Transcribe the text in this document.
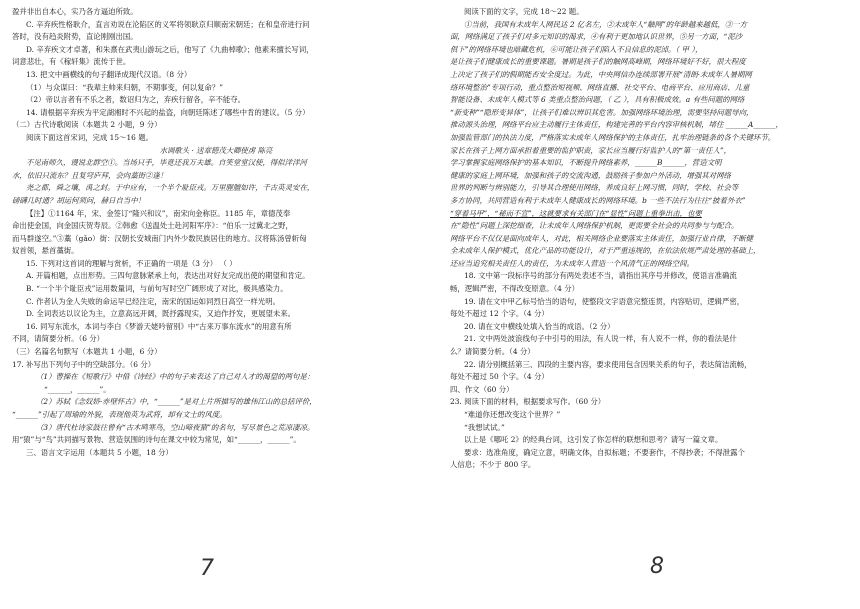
盈并非出自本心，实乃各方逼迫所致。
C. 辛弃疾性格耿介，直言劝说在沦陷区的义军将领耿京归顺南宋朝廷；在和皇帝进行问
答时，没有趋炎附势，直论刚刚出国。
D. 辛弃疾文才卓著，和朱熹在武夷山游玩之后，他写了《九曲棹歌》；他素来擅长写词，
词意悲壮，有《稼轩集》流传于世。
13. 把文中画横线的句子翻译成现代汉语。（8 分）
（1）与众谋曰：“我辈主帅来归朝，不期事变，何以复命？”
（2）帝以言者有不乐之者，数诏归为之，弃疾行留各，辛不能夺。
14. 请根据辛弃疾为平定湖湘时不兴起的盐盗，向朝廷陈述了哪些中肯的建议。（5 分）
（二）古代诗歌阅读（本题共 2 小题，9 分）
阅读下面这首宋词，完成 15～16 题。
水调歌头 · 送章德茂大卿使虏 陈亮
不见南师久，谩说北群空①。当场只手，毕竟还我万夫雄。自笑堂堂汉使，得似洋洋河
水，依旧只流东？且复穹庐拜，会向藁街②逢！
尧之都，舜之壤，禹之封。于中应有，一个半个耻臣戎。万里腥膻如许，千古英灵安在，
磅礴几时通？胡运何须问，赫日自当中！
【注】①1164 年，宋、金签订“隆兴和议”，南宋向金称臣。1185 年，章德茂奉
命出使金国，向金国庆贺寿辰。②韩愈《送温处士赴河阳军序》：“伯乐一过冀北之野，
而马群遂空。”③藁（gǎo）街：汉朝长安城南门内外少数民族居住的地方。汉将陈汤曾斩匈
奴首领，悬首藁街。
15. 下列对这首词的理解与赏析，不正确的一项是（3 分） （ ）
A. 开篇相题，点出形势。三四句意脉紧承上句，表达出对好友完成出使的期望和肯定。
B. “一个半个耻臣戎”运用数量词，与前句写时空广阔形成了对比，极具感染力。
C. 作者认为金人失败的命运早已经注定，南宋的国运如同烈日高空一样光明。
D. 全词表达以议论为主，立意高远开阔，既抒露现实，又迫作抒发，更展望未来。
16. 同写东流水，本词与李白《梦游天姥吟留别》中“古来万事东流水”的用意有所
不同，请简要分析。（6 分）
（三）名篇名句默写（本题共 1 小题，6 分）
17. 补写出下列句子中的空缺部分。（6 分）
（1）曹操在《短歌行》中借《诗经》中的句子来表达了自己对人才的渴望的两句是：
“______，______”。
（2）苏轼《念奴娇·赤壁怀古》中，“______”是对上片所描写的雄伟江山的总括评价，
“______”引起了周瑜的外貌，表现他英为武将，却有文士的风度。
（3）唐代杜诗家鼓往曾有“古木鸣寒鸟，空山啼夜猿”的名句，写尽景色之荒凉凄凉。
用“猿”与“鸟”共同描写景物、营造氛围的诗句在课文中较为常见，如“______，______”。
三、语言文字运用（本题共 5 小题，18 分）
7
阅读下面的文字，完成 18～22 题。
①当前，我国有未成年人网民达 2 亿名左，②未成年人“触网”的年龄越来越低，③一方
面，网络满足了孩子们对多元知识的渴求，④有利于更加地认识世界，⑤另一方面，“泥沙
俱下”的网络环境也暗藏危机，⑥可能让孩子们陷入不良信息的泥淖。（ 甲 ），
是让孩子们健康成长的重要课题。暑期是孩子们的触网高峰期，网络环境好不好，很大程度
上决定了孩子们的假期能否安全度过。为此，中央网信办连续部署开展“清朗·未成年人暑期网
络环境整治”专项行动，重点整治短视频、网络直播、社交平台、电商平台、应用商店、儿童
智能设备、未成年人模式等 6 类重点整治问题，（ 乙 ），具有积极成效。a 有些问题的网络
“新变种”“隐形变异体”，让孩子们难以辨识其危害。加强网络环境治理，需要坚持问题导向，
推动源头治理，网络平台应主动履行主体责任，构建完善的平台内容审核机制，堵住 ______A______，
加强监管部门的执法力度，严格落实未成年人网络保护的主体责任，扎牢治理链条的各个关键环节。
家长在孩子上网方面承担着重要的监护职责，家长应当履行好监护人的“第一责任人”，
学习掌握家庭网络保护的基本知识，不断提升网络素养，______B______，营造文明
健康的家庭上网环境，加强和孩子的交流沟通，鼓励孩子参加户外活动，增强其对网络
世界的判断与辨别能力，引导其合理使用网络，养成良好上网习惯，同时，学校、社会等
多方协同，共同营造有利于未成年人健康成长的网络环境。b 一些不法行为往往“披着外衣”
“穿着马甲”，“秘而不宣”，这就要求有关部门在“显性”问题上重拳出击，也要
在“隐性”问题上深挖细查，让未成年人网络保护机制，更需要全社会的共同参与与配合。
网络平台不仅仅是面向成年人，对此，相关网络企业要落实主体责任，加强行业自律，不断健
全未成年人保护模式，优化产品的功能设计，对于严重违规的，在依法依规严肃处理的基础上，
还应当追究相关责任人的责任，为未成年人营造一个风清气正的网络空间。
18. 文中第一段标序号的部分有两处表述不当，请指出其序号并修改，使语言准确流
畅，逻辑严密，不得改变原意。（4 分）
19. 请在文中甲乙标号恰当的语句，使整段文字语意完整连贯，内容贴切，逻辑严密，
每处不超过 12 个字。（4 分）
20. 请在文中横线处填入恰当的成语。（2 分）
21. 文中两处波浪线句子中引号的用法，有人说一样，有人说不一样，你的看法是什
么？请简要分析。（4 分）
22. 请分别概括第三、四段的主要内容，要求使用包含因果关系的句子，表达简洁流畅，
每处不超过 50 个字。（4 分）
四、作文（60 分）
23. 阅读下面的材料，根据要求写作。（60 分）
“难道你还想改变这个世界？”
“我想试试。”
以上是《哪吒 2》的经典台词，这引发了你怎样的联想和思考？请写一篇文章。
要求：选准角度，确定立意，明确文体，自拟标题；不要套作，不得抄袭；不得泄露个
人信息；不少于 800 字。
8
